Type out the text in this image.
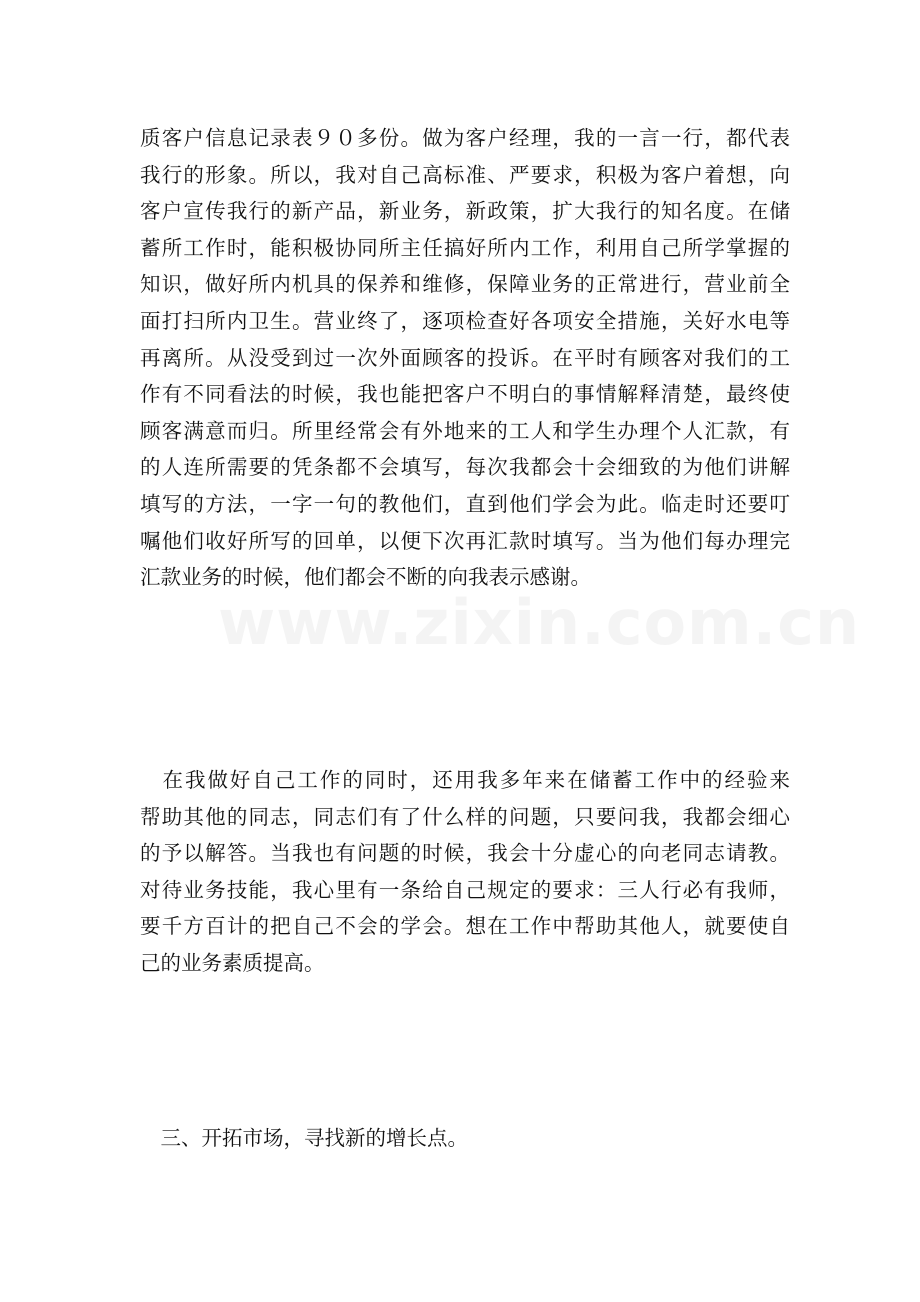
质客户信息记录表９０多份。做为客户经理，我的一言一行，都代表
我行的形象。所以，我对自己高标准、严要求，积极为客户着想，向
客户宣传我行的新产品，新业务，新政策，扩大我行的知名度。在储
蓄所工作时，能积极协同所主任搞好所内工作，利用自己所学掌握的
知识，做好所内机具的保养和维修，保障业务的正常进行，营业前全
面打扫所内卫生。营业终了，逐项检查好各项安全措施，关好水电等
再离所。从没受到过一次外面顾客的投诉。在平时有顾客对我们的工
作有不同看法的时候，我也能把客户不明白的事情解释清楚，最终使
顾客满意而归。所里经常会有外地来的工人和学生办理个人汇款，有
的人连所需要的凭条都不会填写，每次我都会十会细致的为他们讲解
填写的方法，一字一句的教他们，直到他们学会为此。临走时还要叮
嘱他们收好所写的回单，以便下次再汇款时填写。当为他们每办理完
汇款业务的时候，他们都会不断的向我表示感谢。
　在我做好自己工作的同时，还用我多年来在储蓄工作中的经验来
帮助其他的同志，同志们有了什么样的问题，只要问我，我都会细心
的予以解答。当我也有问题的时候，我会十分虚心的向老同志请教。
对待业务技能，我心里有一条给自己规定的要求：三人行必有我师，
要千方百计的把自己不会的学会。想在工作中帮助其他人，就要使自
己的业务素质提高。
　三、开拓市场，寻找新的增长点。
www.zixin.com.cn
